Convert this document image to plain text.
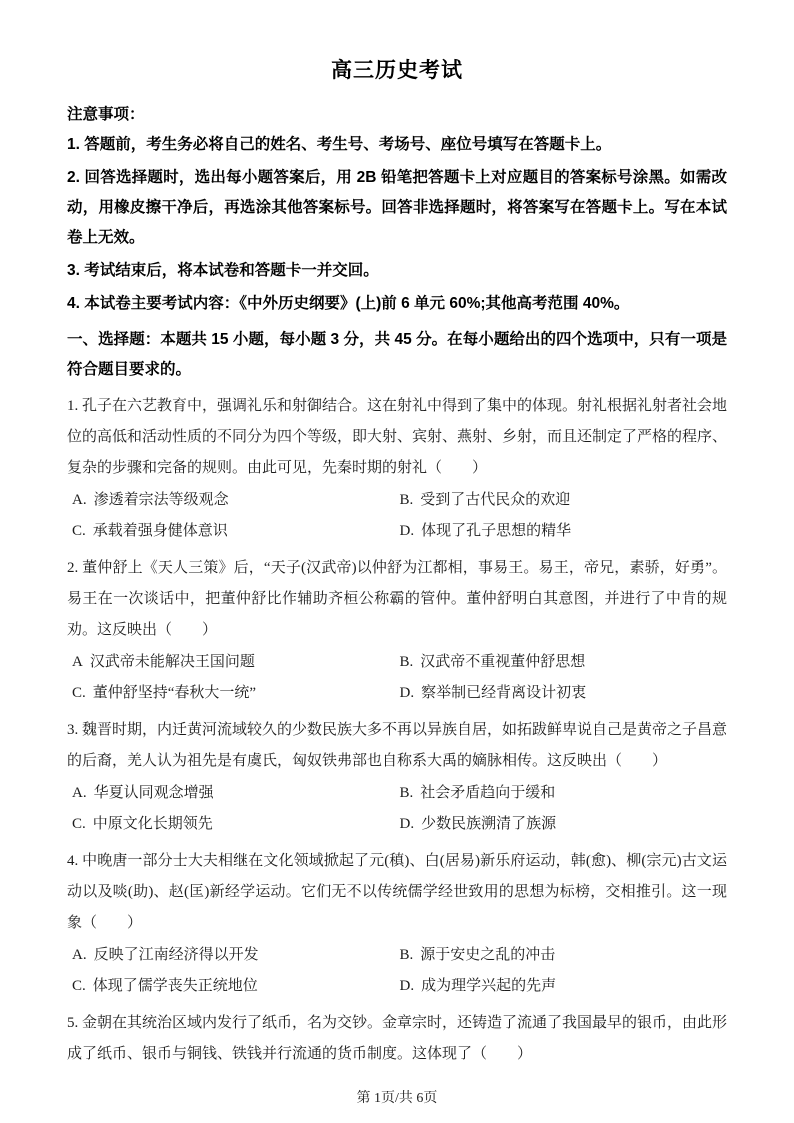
高三历史考试
注意事项：
1. 答题前，考生务必将自己的姓名、考生号、考场号、座位号填写在答题卡上。
2. 回答选择题时，选出每小题答案后，用 2B 铅笔把答题卡上对应题目的答案标号涂黑。如需改动，用橡皮擦干净后，再选涂其他答案标号。回答非选择题时，将答案写在答题卡上。写在本试卷上无效。
3. 考试结束后，将本试卷和答题卡一并交回。
4. 本试卷主要考试内容：《中外历史纲要》(上)前 6 单元 60%;其他高考范围 40%。
一、选择题：本题共 15 小题，每小题 3 分，共 45 分。在每小题给出的四个选项中，只有一项是符合题目要求的。
1. 孔子在六艺教育中，强调礼乐和射御结合。这在射礼中得到了集中的体现。射礼根据礼射者社会地位的高低和活动性质的不同分为四个等级，即大射、宾射、燕射、乡射，而且还制定了严格的程序、复杂的步骤和完备的规则。由此可见，先秦时期的射礼（　　）
A. 渗透着宗法等级观念	B. 受到了古代民众的欢迎
C. 承载着强身健体意识	D. 体现了孔子思想的精华
2. 董仲舒上《天人三策》后，“天子(汉武帝)以仲舒为江都相，事易王。易王，帝兄，素骄，好勇”。易王在一次谈话中，把董仲舒比作辅助齐桓公称霸的管仲。董仲舒明白其意图，并进行了中肯的规劝。这反映出（　　）
A 汉武帝未能解决王国问题	B. 汉武帝不重视董仲舒思想
C. 董仲舒坚持“春秋大一统”	D. 察举制已经背离设计初衷
3. 魏晋时期，内迁黄河流域较久的少数民族大多不再以异族自居，如拓跋鲜卑说自己是黄帝之子昌意的后裔，羌人认为祖先是有虞氏，匈奴铁弗部也自称系大禹的嫡脉相传。这反映出（　　）
A. 华夏认同观念增强	B. 社会矛盾趋向于缓和
C. 中原文化长期领先	D. 少数民族溯清了族源
4. 中晚唐一部分士大夫相继在文化领域掀起了元(稹)、白(居易)新乐府运动，韩(愈)、柳(宗元)古文运动以及啖(助)、赵(匡)新经学运动。它们无不以传统儒学经世致用的思想为标榜，交相推引。这一现象（　　）
A. 反映了江南经济得以开发	B. 源于安史之乱的冲击
C. 体现了儒学丧失正统地位	D. 成为理学兴起的先声
5. 金朝在其统治区域内发行了纸币，名为交钞。金章宗时，还铸造了流通了我国最早的银币，由此形成了纸币、银币与铜钱、铁钱并行流通的货币制度。这体现了（　　）
第 1页/共 6页
